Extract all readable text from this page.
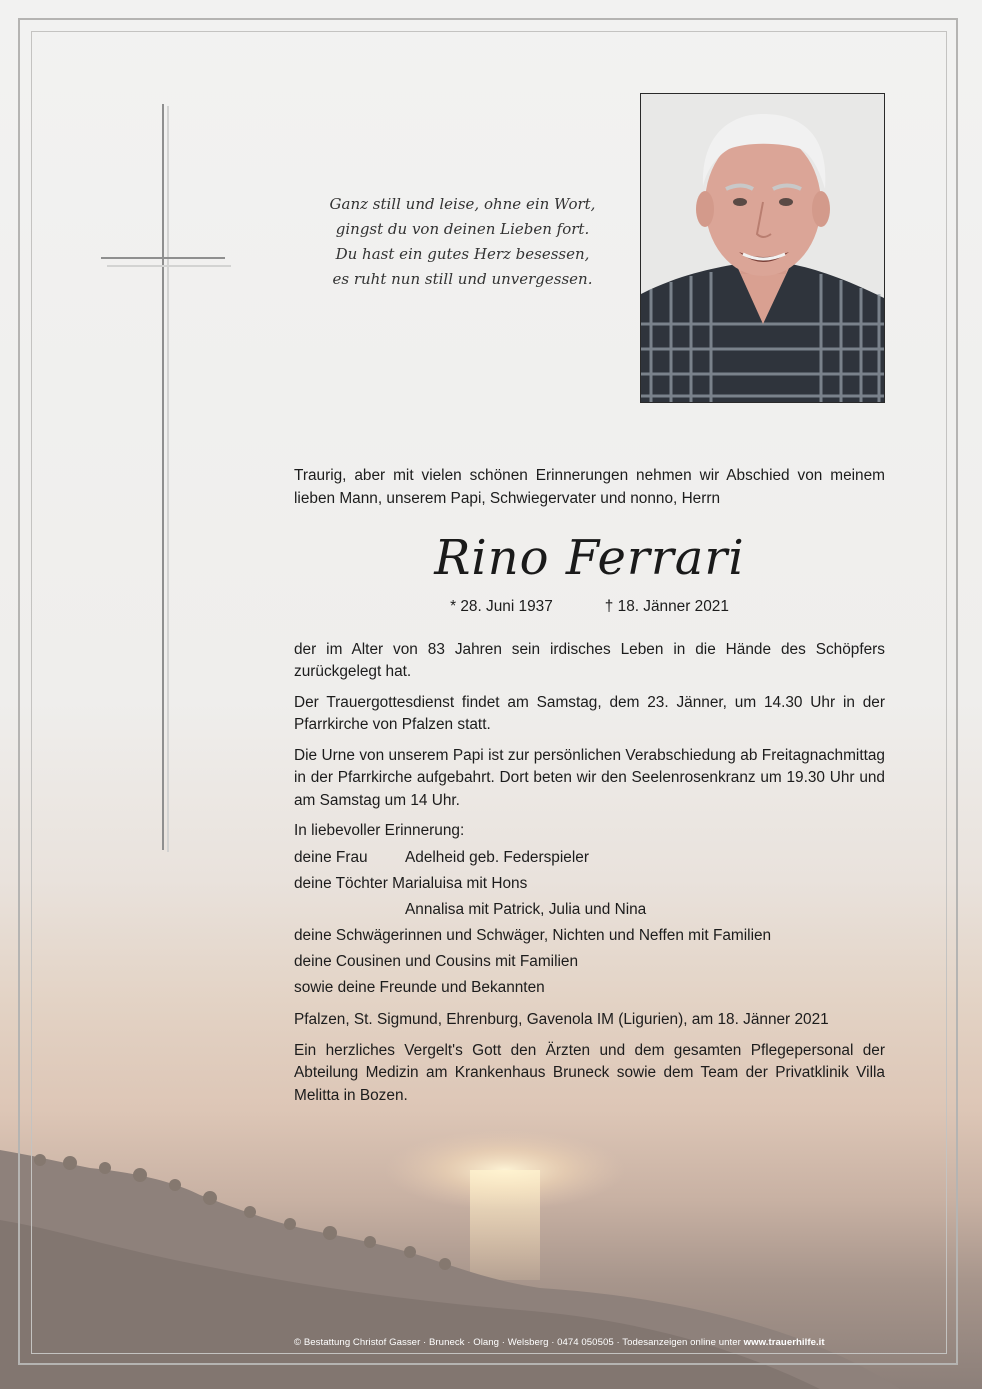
Ganz still und leise, ohne ein Wort,
gingst du von deinen Lieben fort.
Du hast ein gutes Herz besessen,
es ruht nun still und unvergessen.

Traurig, aber mit vielen schönen Erinnerungen nehmen wir Abschied von meinem lieben Mann, unserem Papi, Schwiegervater und nonno, Herrn

Rino Ferrari
* 28. Juni 1937	† 18. Jänner 2021

der im Alter von 83 Jahren sein irdisches Leben in die Hände des Schöpfers zurückgelegt hat.

Der Trauergottesdienst findet am Samstag, dem 23. Jänner, um 14.30 Uhr in der Pfarrkirche von Pfalzen statt.

Die Urne von unserem Papi ist zur persönlichen Verabschiedung ab Freitagnachmittag in der Pfarrkirche aufgebahrt. Dort beten wir den Seelenrosenkranz um 19.30 Uhr und am Samstag um 14 Uhr.

In liebevoller Erinnerung:
deine Frau Adelheid geb. Federspieler
deine Töchter Marialuisa mit Hons
Annalisa mit Patrick, Julia und Nina
deine Schwägerinnen und Schwäger, Nichten und Neffen mit Familien
deine Cousinen und Cousins mit Familien
sowie deine Freunde und Bekannten

Pfalzen, St. Sigmund, Ehrenburg, Gavenola IM (Ligurien), am 18. Jänner 2021

Ein herzliches Vergelt's Gott den Ärzten und dem gesamten Pflegepersonal der Abteilung Medizin am Krankenhaus Bruneck sowie dem Team der Privatklinik Villa Melitta in Bozen.

© Bestattung Christof Gasser · Bruneck · Olang · Welsberg · 0474 050505 · Todesanzeigen online unter www.trauerhilfe.it
